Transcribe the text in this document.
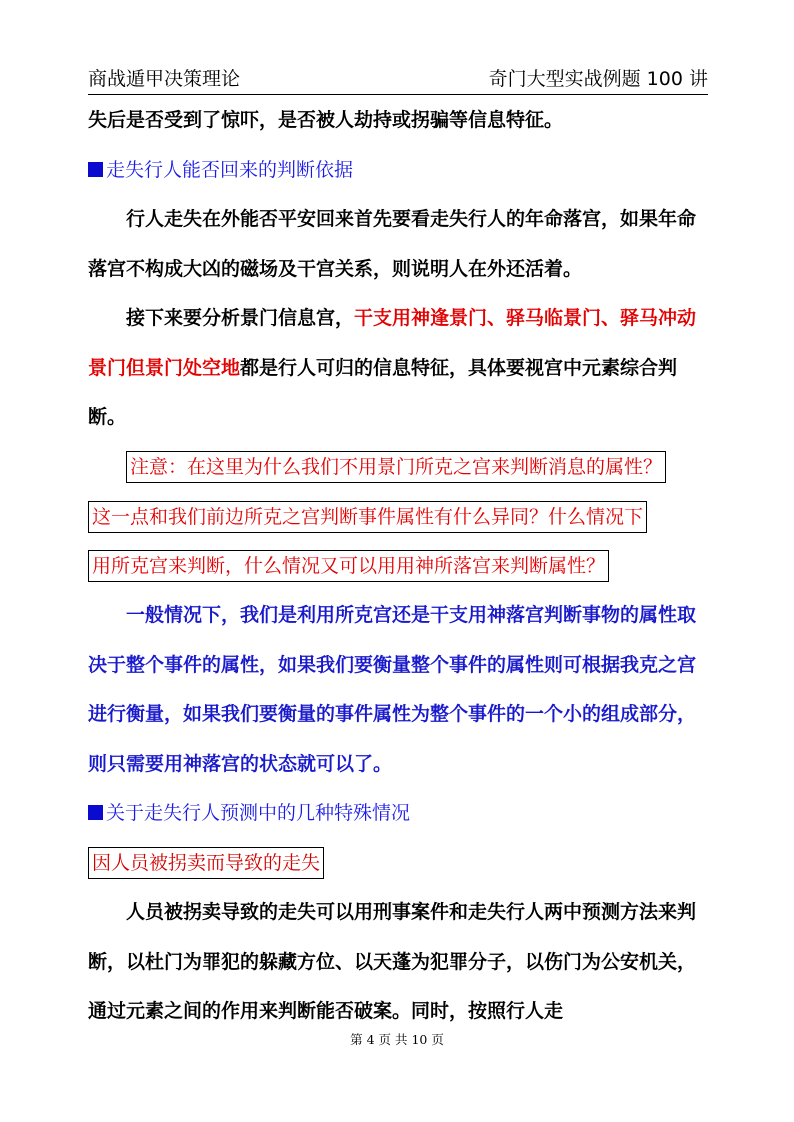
商战遁甲决策理论	奇门大型实战例题 100 讲

失后是否受到了惊吓，是否被人劫持或拐骗等信息特征。

走失行人能否回来的判断依据

行人走失在外能否平安回来首先要看走失行人的年命落宫，如果年命落宫不构成大凶的磁场及干宫关系，则说明人在外还活着。

接下来要分析景门信息宫，干支用神逢景门、驿马临景门、驿马冲动景门但景门处空地都是行人可归的信息特征，具体要视宫中元素综合判断。

注意：在这里为什么我们不用景门所克之宫来判断消息的属性？
这一点和我们前边所克之宫判断事件属性有什么异同？什么情况下
用所克宫来判断，什么情况又可以用用神所落宫来判断属性？

一般情况下，我们是利用所克宫还是干支用神落宫判断事物的属性取决于整个事件的属性，如果我们要衡量整个事件的属性则可根据我克之宫进行衡量，如果我们要衡量的事件属性为整个事件的一个小的组成部分，则只需要用神落宫的状态就可以了。

关于走失行人预测中的几种特殊情况

因人员被拐卖而导致的走失

人员被拐卖导致的走失可以用刑事案件和走失行人两中预测方法来判断，以杜门为罪犯的躲藏方位、以天蓬为犯罪分子，以伤门为公安机关，通过元素之间的作用来判断能否破案。同时，按照行人走

第 4 页 共 10 页
